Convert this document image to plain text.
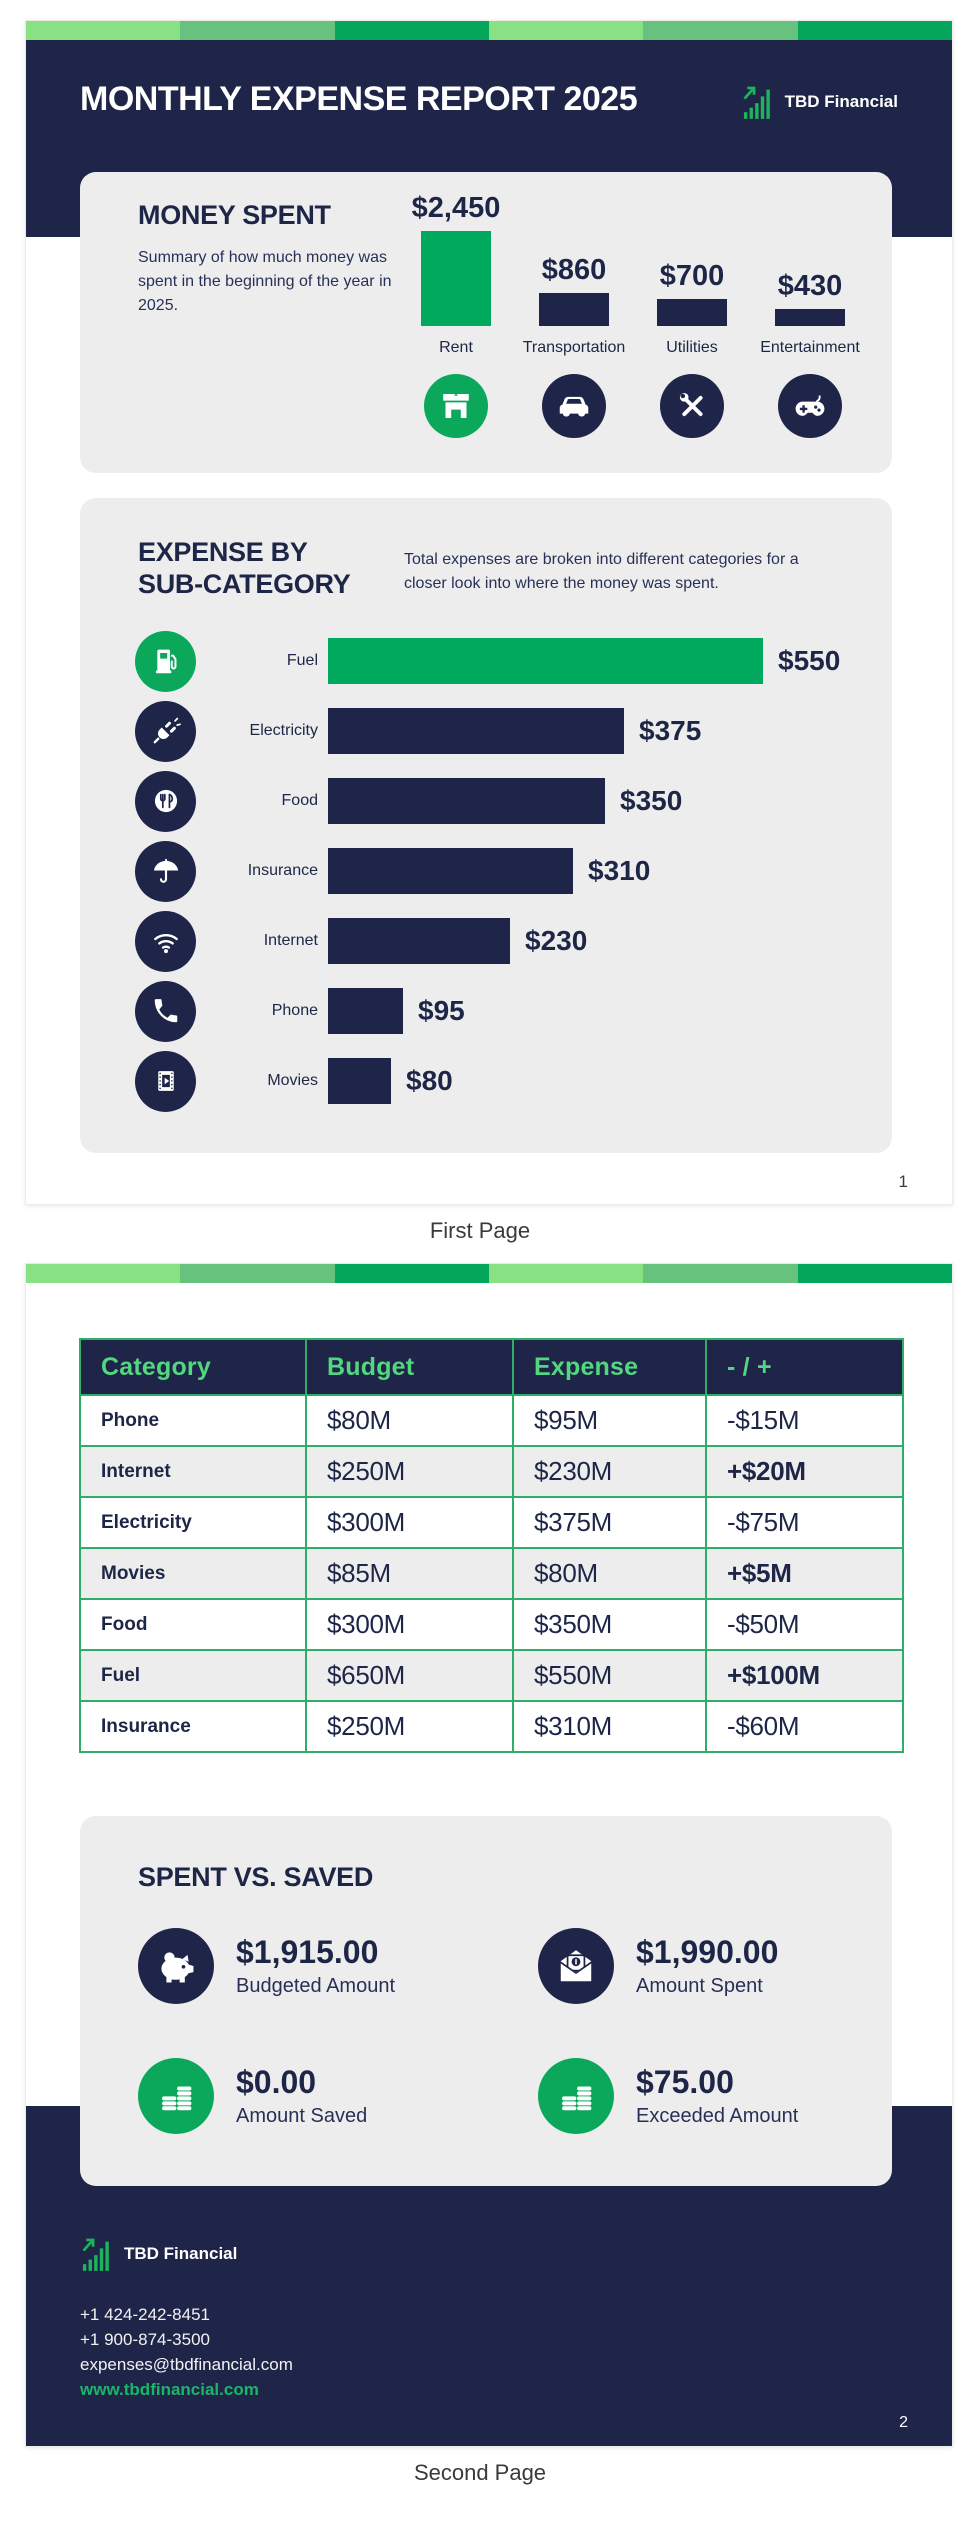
MONTHLY EXPENSE REPORT 2025	TBD Financial
MONEY SPENT

Summary of how much money was spent in the beginning of the year in 2025.

$2,450
Rent
$860
Transportation
$700
Utilities
$430
Entertainment
EXPENSE BY
SUB-CATEGORY

Total expenses are broken into different categories for a closer look into where the money was spent.

Fuel	$550
Electricity	$375
Food	$350
Insurance	$310
Internet	$230
Phone	$95
Movies	$80
1
First Page
Category	Budget	Expense	- / +
Phone	$80M	$95M	-$15M
Internet	$250M	$230M	+$20M
Electricity	$300M	$375M	-$75M
Movies	$85M	$80M	+$5M
Food	$300M	$350M	-$50M
Fuel	$650M	$550M	+$100M
Insurance	$250M	$310M	-$60M
SPENT VS. SAVED
$1,915.00
Budgeted Amount
$1,990.00
Amount Spent
$0.00
Amount Saved
$75.00
Exceeded Amount
TBD Financial
+1 424-242-8451
+1 900-874-3500
expenses@tbdfinancial.com
www.tbdfinancial.com
2
Second Page
